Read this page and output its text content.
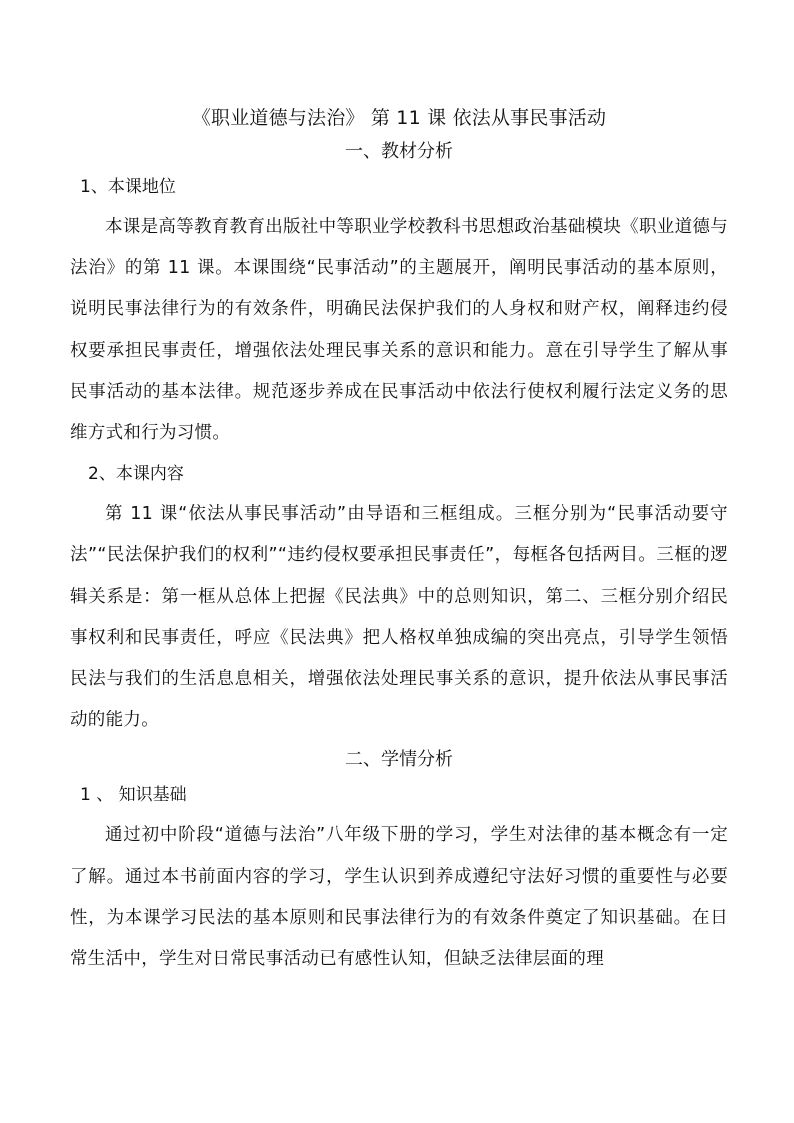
《职业道德与法治》 第 11 课 依法从事民事活动
一、教材分析
1、本课地位

本课是高等教育教育出版社中等职业学校教科书思想政治基础模块《职业道德与法治》的第 11 课。本课围绕“民事活动”的主题展开，阐明民事活动的基本原则，说明民事法律行为的有效条件，明确民法保护我们的人身权和财产权，阐释违约侵权要承担民事责任，增强依法处理民事关系的意识和能力。意在引导学生了解从事民事活动的基本法律。规范逐步养成在民事活动中依法行使权利履行法定义务的思维方式和行为习惯。

2、本课内容

第 11 课“依法从事民事活动”由导语和三框组成。三框分别为“民事活动要守法”“民法保护我们的权利”“违约侵权要承担民事责任”，每框各包括两目。三框的逻辑关系是：第一框从总体上把握《民法典》中的总则知识，第二、三框分别介绍民事权利和民事责任，呼应《民法典》把人格权单独成编的突出亮点，引导学生领悟民法与我们的生活息息相关，增强依法处理民事关系的意识，提升依法从事民事活动的能力。

二、学情分析
1 、 知识基础

通过初中阶段“道德与法治”八年级下册的学习，学生对法律的基本概念有一定了解。通过本书前面内容的学习，学生认识到养成遵纪守法好习惯的重要性与必要性，为本课学习民法的基本原则和民事法律行为的有效条件奠定了知识基础。在日常生活中，学生对日常民事活动已有感性认知，但缺乏法律层面的理
